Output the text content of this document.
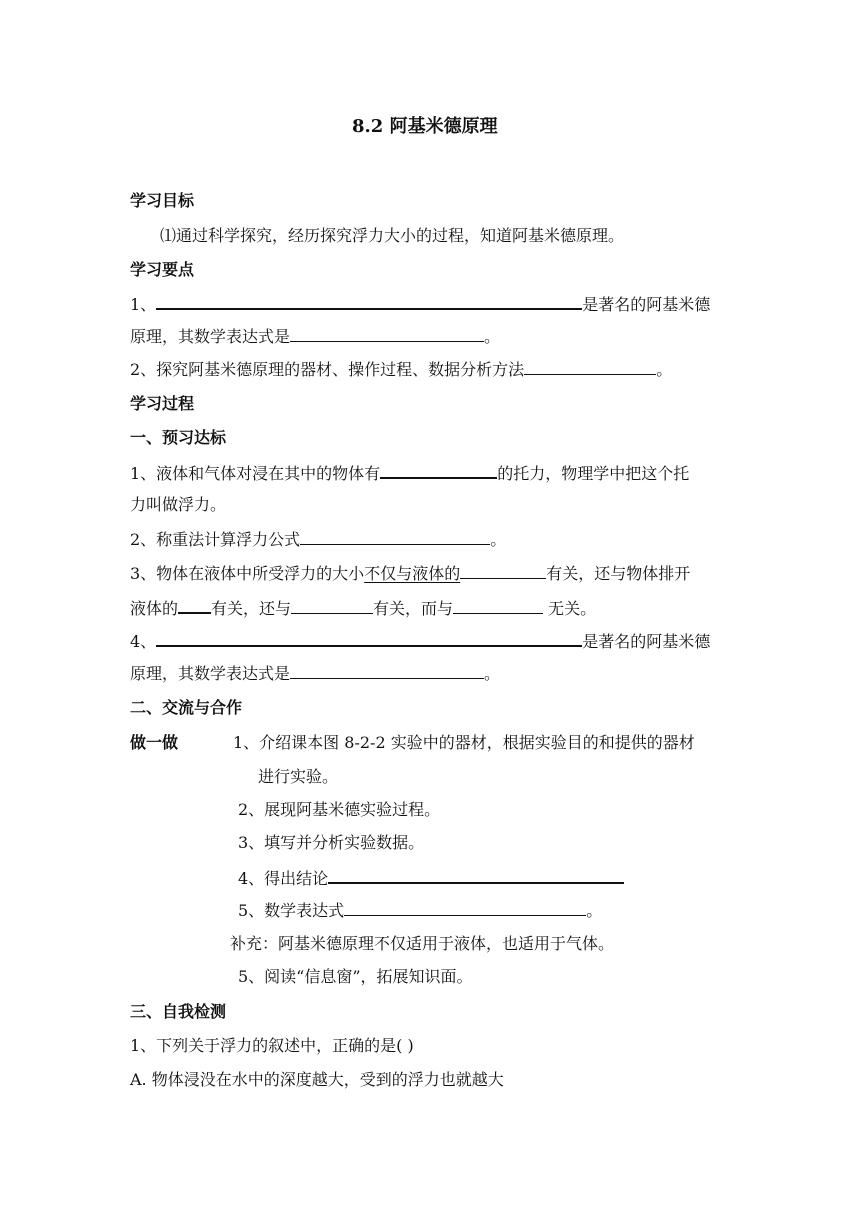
8.2 阿基米德原理
学习目标
⑴通过科学探究，经历探究浮力大小的过程，知道阿基米德原理。
学习要点
1、	是著名的阿基米德
原理，其数学表达式是	。
2、探究阿基米德原理的器材、操作过程、数据分析方法	。
学习过程
一、预习达标
1、液体和气体对浸在其中的物体有	的托力，物理学中把这个托
力叫做浮力。
2、称重法计算浮力公式	。
3、物体在液体中所受浮力的大小不仅与液体的	有关，还与物体排开
液体的 有关，还与	有关，而与	无关。
4、	是著名的阿基米德
原理，其数学表达式是	。
二、交流与合作
做一做	1、介绍课本图 8-2-2 实验中的器材，根据实验目的和提供的器材
进行实验。
2、展现阿基米德实验过程。
3、填写并分析实验数据。
4、得出结论
5、数学表达式	。
补充：阿基米德原理不仅适用于液体，也适用于气体。
5、阅读“信息窗”，拓展知识面。
三、自我检测
1、下列关于浮力的叙述中，正确的是( )
A. 物体浸没在水中的深度越大，受到的浮力也就越大
